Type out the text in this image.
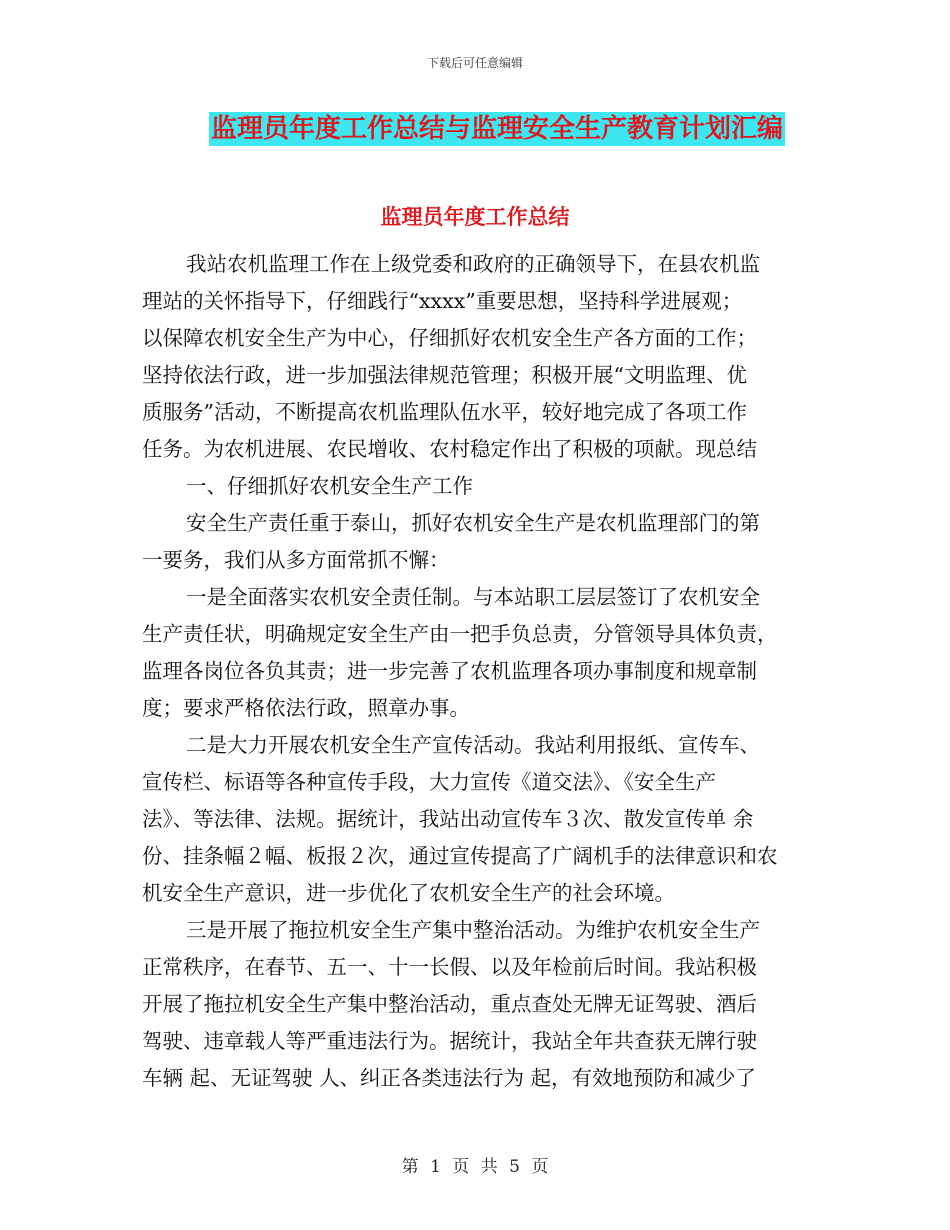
下载后可任意编辑
监理员年度工作总结与监理安全生产教育计划汇编
监理员年度工作总结
我站农机监理工作在上级党委和政府的正确领导下，在县农机监
理站的关怀指导下，仔细践行“xxxx”重要思想，坚持科学进展观；
以保障农机安全生产为中心，仔细抓好农机安全生产各方面的工作；
坚持依法行政，进一步加强法律规范管理；积极开展“文明监理、优
质服务”活动，不断提高农机监理队伍水平，较好地完成了各项工作
任务。为农机进展、农民增收、农村稳定作出了积极的项献。现总结
一、仔细抓好农机安全生产工作
安全生产责任重于泰山，抓好农机安全生产是农机监理部门的第
一要务，我们从多方面常抓不懈：
一是全面落实农机安全责任制。与本站职工层层签订了农机安全
生产责任状，明确规定安全生产由一把手负总责，分管领导具体负责，
监理各岗位各负其责；进一步完善了农机监理各项办事制度和规章制
度；要求严格依法行政，照章办事。
二是大力开展农机安全生产宣传活动。我站利用报纸、宣传车、
宣传栏、标语等各种宣传手段，大力宣传《道交法》、《安全生产
法》、等法律、法规。据统计，我站出动宣传车３次、散发宣传单 余
份、挂条幅２幅、板报２次，通过宣传提高了广阔机手的法律意识和农
机安全生产意识，进一步优化了农机安全生产的社会环境。
三是开展了拖拉机安全生产集中整治活动。为维护农机安全生产
正常秩序，在春节、五一、十一长假、以及年检前后时间。我站积极
开展了拖拉机安全生产集中整治活动，重点查处无牌无证驾驶、酒后
驾驶、违章载人等严重违法行为。据统计，我站全年共查获无牌行驶
车辆 起、无证驾驶 人、纠正各类违法行为 起，有效地预防和减少了
第 1 页 共 5 页
